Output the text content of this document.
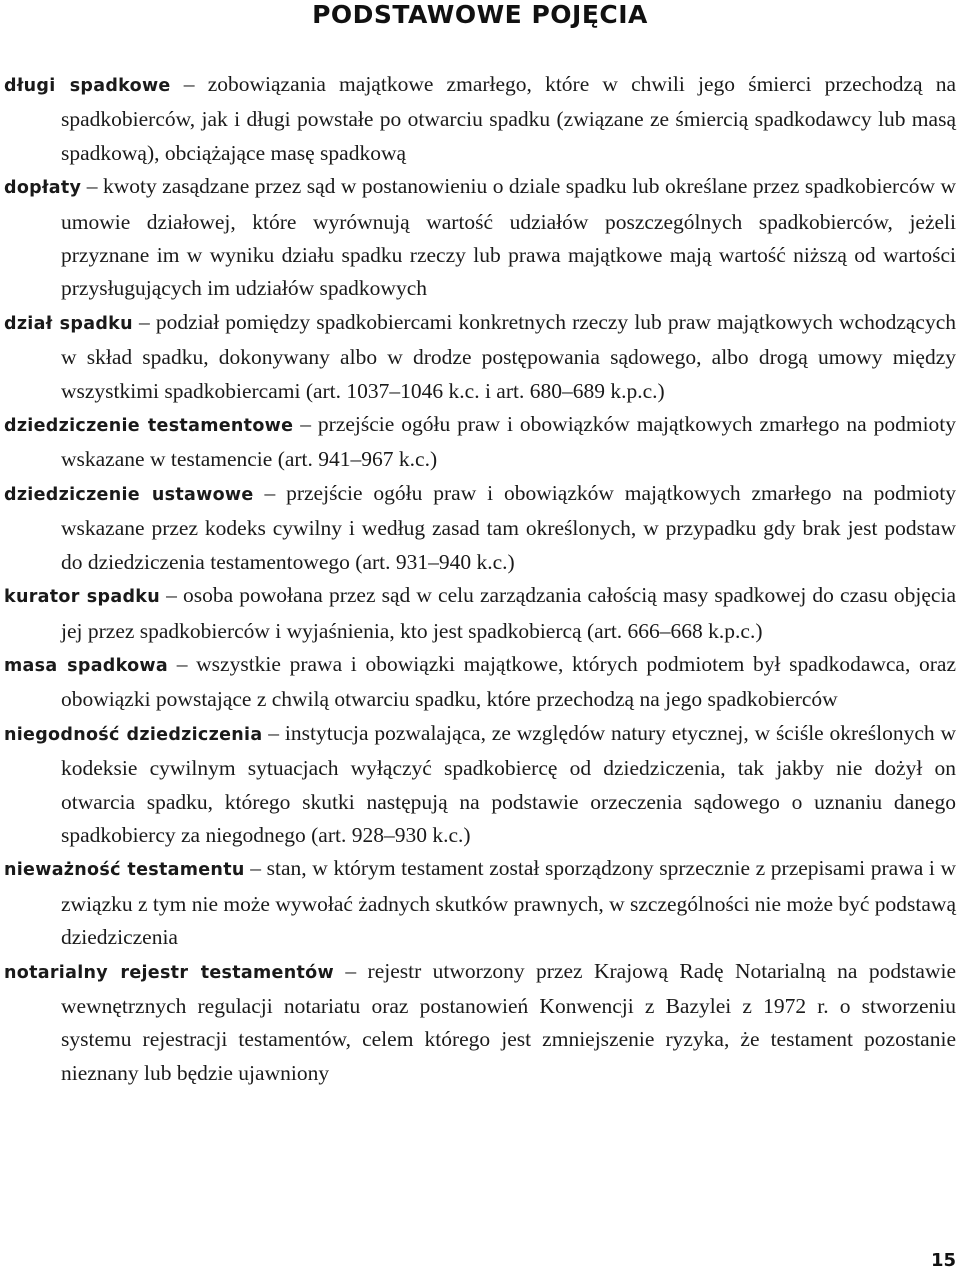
PODSTAWOWE POJĘCIA

długi spadkowe – zobowiązania majątkowe zmarłego, które w chwili jego śmierci przechodzą na spadkobierców, jak i długi powstałe po otwarciu spadku (związane ze śmiercią spadkodawcy lub masą spadkową), obciążające masę spadkową

dopłaty – kwoty zasądzane przez sąd w postanowieniu o dziale spadku lub określane przez spadkobierców w umowie działowej, które wyrównują wartość udziałów poszczególnych spadkobierców, jeżeli przyznane im w wyniku działu spadku rzeczy lub prawa majątkowe mają wartość niższą od wartości przysługujących im udziałów spadkowych

dział spadku – podział pomiędzy spadkobiercami konkretnych rzeczy lub praw majątkowych wchodzących w skład spadku, dokonywany albo w drodze postępowania sądowego, albo drogą umowy między wszystkimi spadkobiercami (art. 1037–1046 k.c. i art. 680–689 k.p.c.)

dziedziczenie testamentowe – przejście ogółu praw i obowiązków majątkowych zmarłego na podmioty wskazane w testamencie (art. 941–967 k.c.)

dziedziczenie ustawowe – przejście ogółu praw i obowiązków majątkowych zmarłego na podmioty wskazane przez kodeks cywilny i według zasad tam określonych, w przypadku gdy brak jest podstaw do dziedziczenia testamentowego (art. 931–940 k.c.)

kurator spadku – osoba powołana przez sąd w celu zarządzania całością masy spadkowej do czasu objęcia jej przez spadkobierców i wyjaśnienia, kto jest spadkobiercą (art. 666–668 k.p.c.)

masa spadkowa – wszystkie prawa i obowiązki majątkowe, których podmiotem był spadkodawca, oraz obowiązki powstające z chwilą otwarciu spadku, które przechodzą na jego spadkobierców

niegodność dziedziczenia – instytucja pozwalająca, ze względów natury etycznej, w ściśle określonych w kodeksie cywilnym sytuacjach wyłączyć spadkobiercę od dziedziczenia, tak jakby nie dożył on otwarcia spadku, którego skutki następują na podstawie orzeczenia sądowego o uznaniu danego spadkobiercy za niegodnego (art. 928–930 k.c.)

nieważność testamentu – stan, w którym testament został sporządzony sprzecznie z przepisami prawa i w związku z tym nie może wywołać żadnych skutków prawnych, w szczególności nie może być podstawą dziedziczenia

notarialny rejestr testamentów – rejestr utworzony przez Krajową Radę Notarialną na podstawie wewnętrznych regulacji notariatu oraz postanowień Konwencji z Bazylei z 1972 r. o stworzeniu systemu rejestracji testamentów, celem którego jest zmniejszenie ryzyka, że testament pozostanie nieznany lub będzie ujawniony

15
